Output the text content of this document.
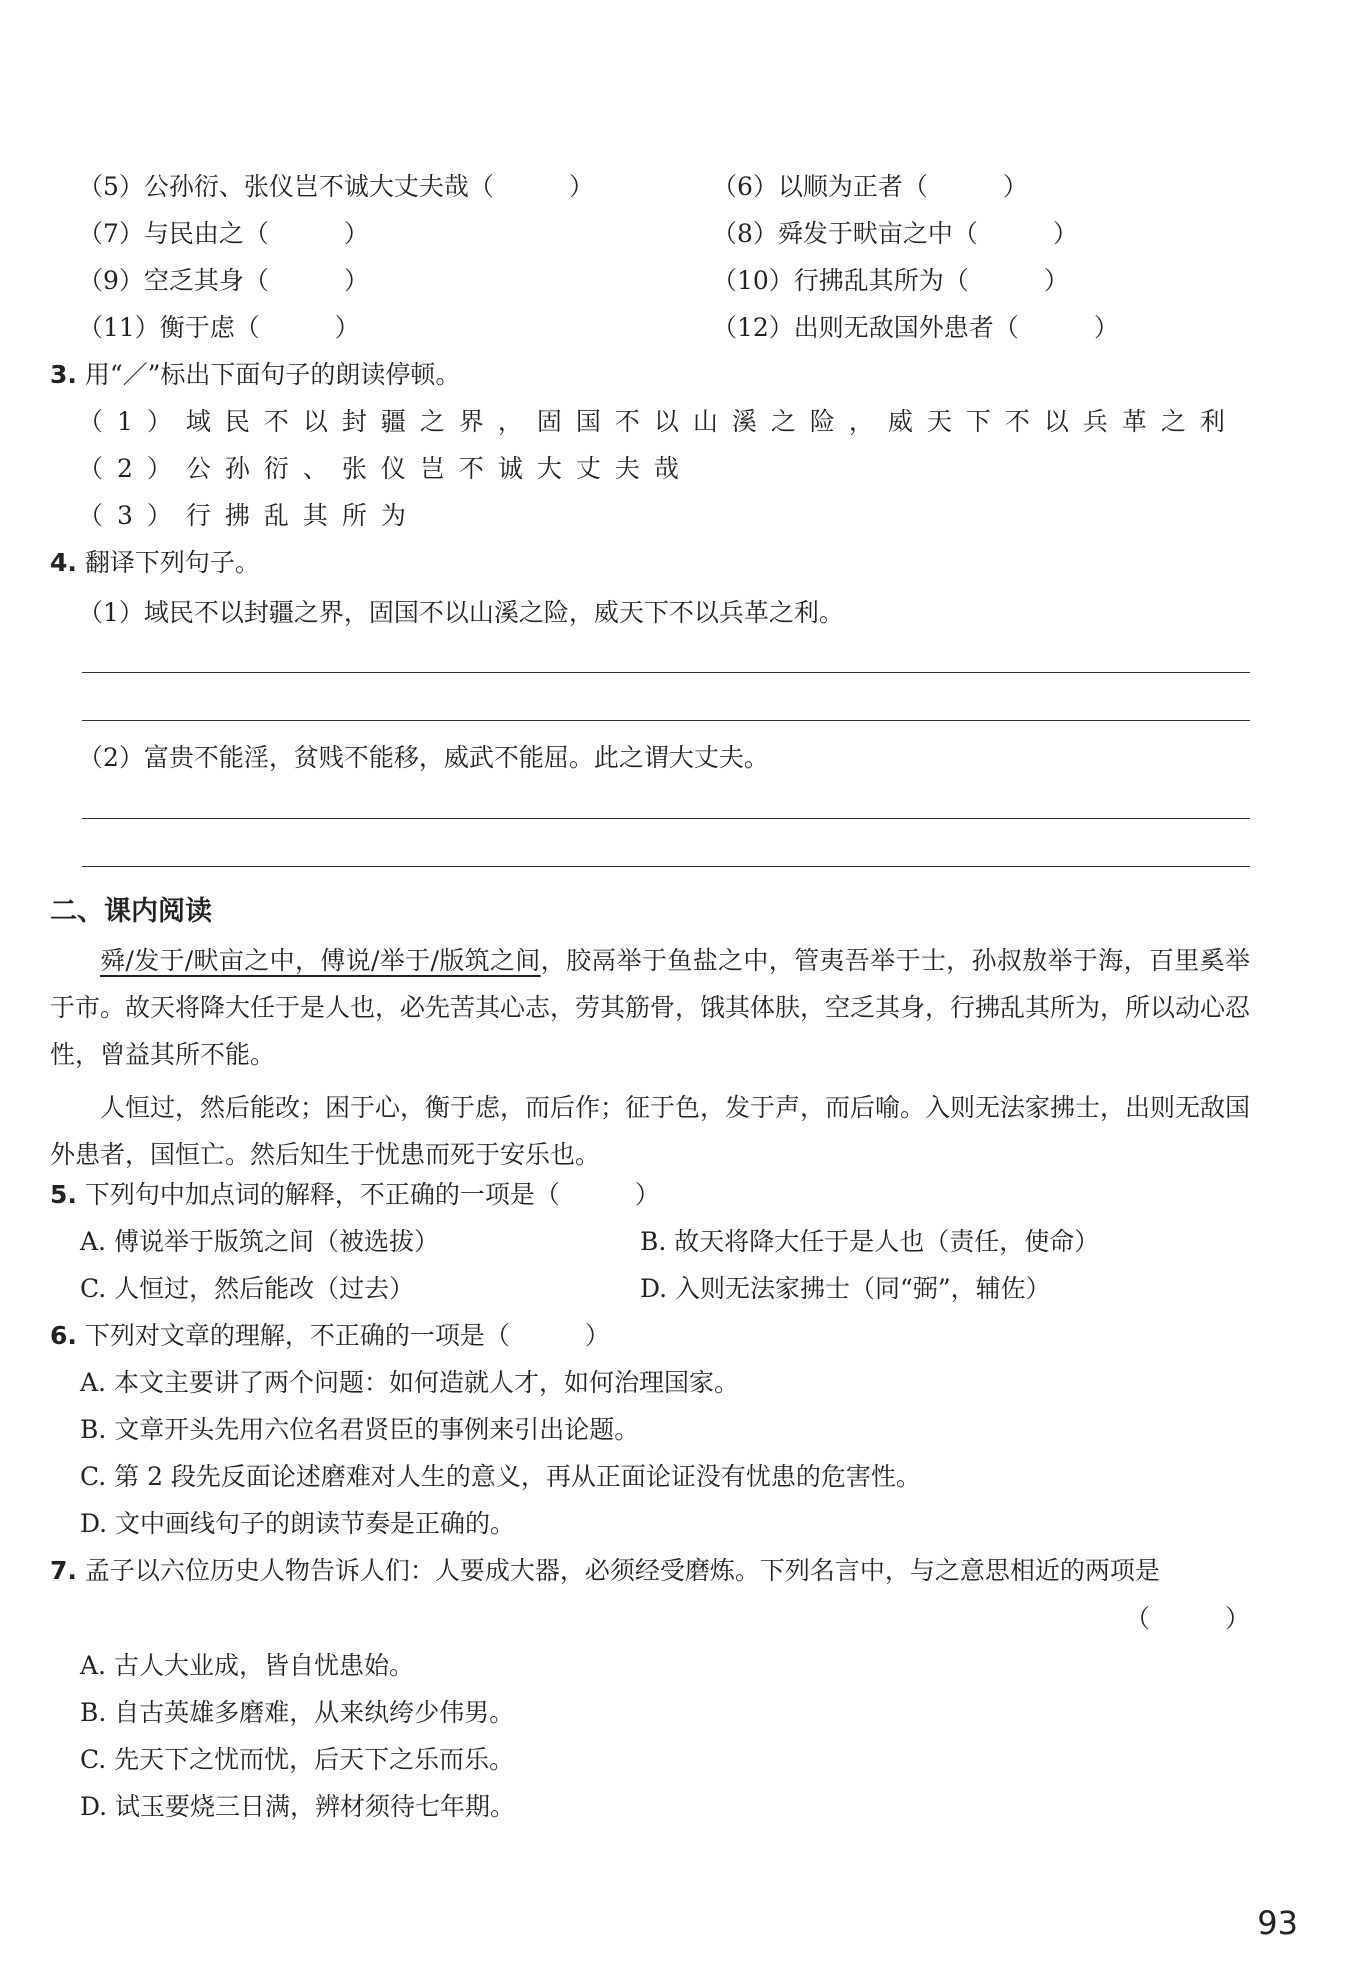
（5）公孙衍、张仪岂不诚大丈夫哉（　　　）	（6）以顺为正者（　　　）
（7）与民由之（　　　）	（8）舜发于畎亩之中（　　　）
（9）空乏其身（　　　）	（10）行拂乱其所为（　　　）
（11）衡于虑（　　　）	（12）出则无敌国外患者（　　　）
3. 用“／”标出下面句子的朗读停顿。
（1）域民不以封疆之界，固国不以山溪之险，威天下不以兵革之利
（2）公孙衍、张仪岂不诚大丈夫哉
（3）行拂乱其所为
4. 翻译下列句子。
（1）域民不以封疆之界，固国不以山溪之险，威天下不以兵革之利。
（2）富贵不能淫，贫贱不能移，威武不能屈。此之谓大丈夫。
二、课内阅读

舜/发于/畎亩之中，傅说/举于/版筑之间，胶鬲举于鱼盐之中，管夷吾举于士，孙叔敖举于海，百里奚举于市。故天将降大任于是人也，必先苦其心志，劳其筋骨，饿其体肤，空乏其身，行拂乱其所为，所以动心忍性，曾益其所不能。

人恒过，然后能改；困于心，衡于虑，而后作；征于色，发于声，而后喻。入则无法家拂士，出则无敌国外患者，国恒亡。然后知生于忧患而死于安乐也。

5. 下列句中加点词的解释，不正确的一项是（　　　）
A. 傅说举于版筑之间（被选拔）	B. 故天将降大任于是人也（责任，使命）
C. 人恒过，然后能改（过去）	D. 入则无法家拂士（同“弼”，辅佐）
6. 下列对文章的理解，不正确的一项是（　　　）
A. 本文主要讲了两个问题：如何造就人才，如何治理国家。
B. 文章开头先用六位名君贤臣的事例来引出论题。
C. 第 2 段先反面论述磨难对人生的意义，再从正面论证没有忧患的危害性。
D. 文中画线句子的朗读节奏是正确的。
7. 孟子以六位历史人物告诉人们：人要成大器，必须经受磨炼。下列名言中，与之意思相近的两项是
（　　　）
A. 古人大业成，皆自忧患始。
B. 自古英雄多磨难，从来纨绔少伟男。
C. 先天下之忧而忧，后天下之乐而乐。
D. 试玉要烧三日满，辨材须待七年期。
93
